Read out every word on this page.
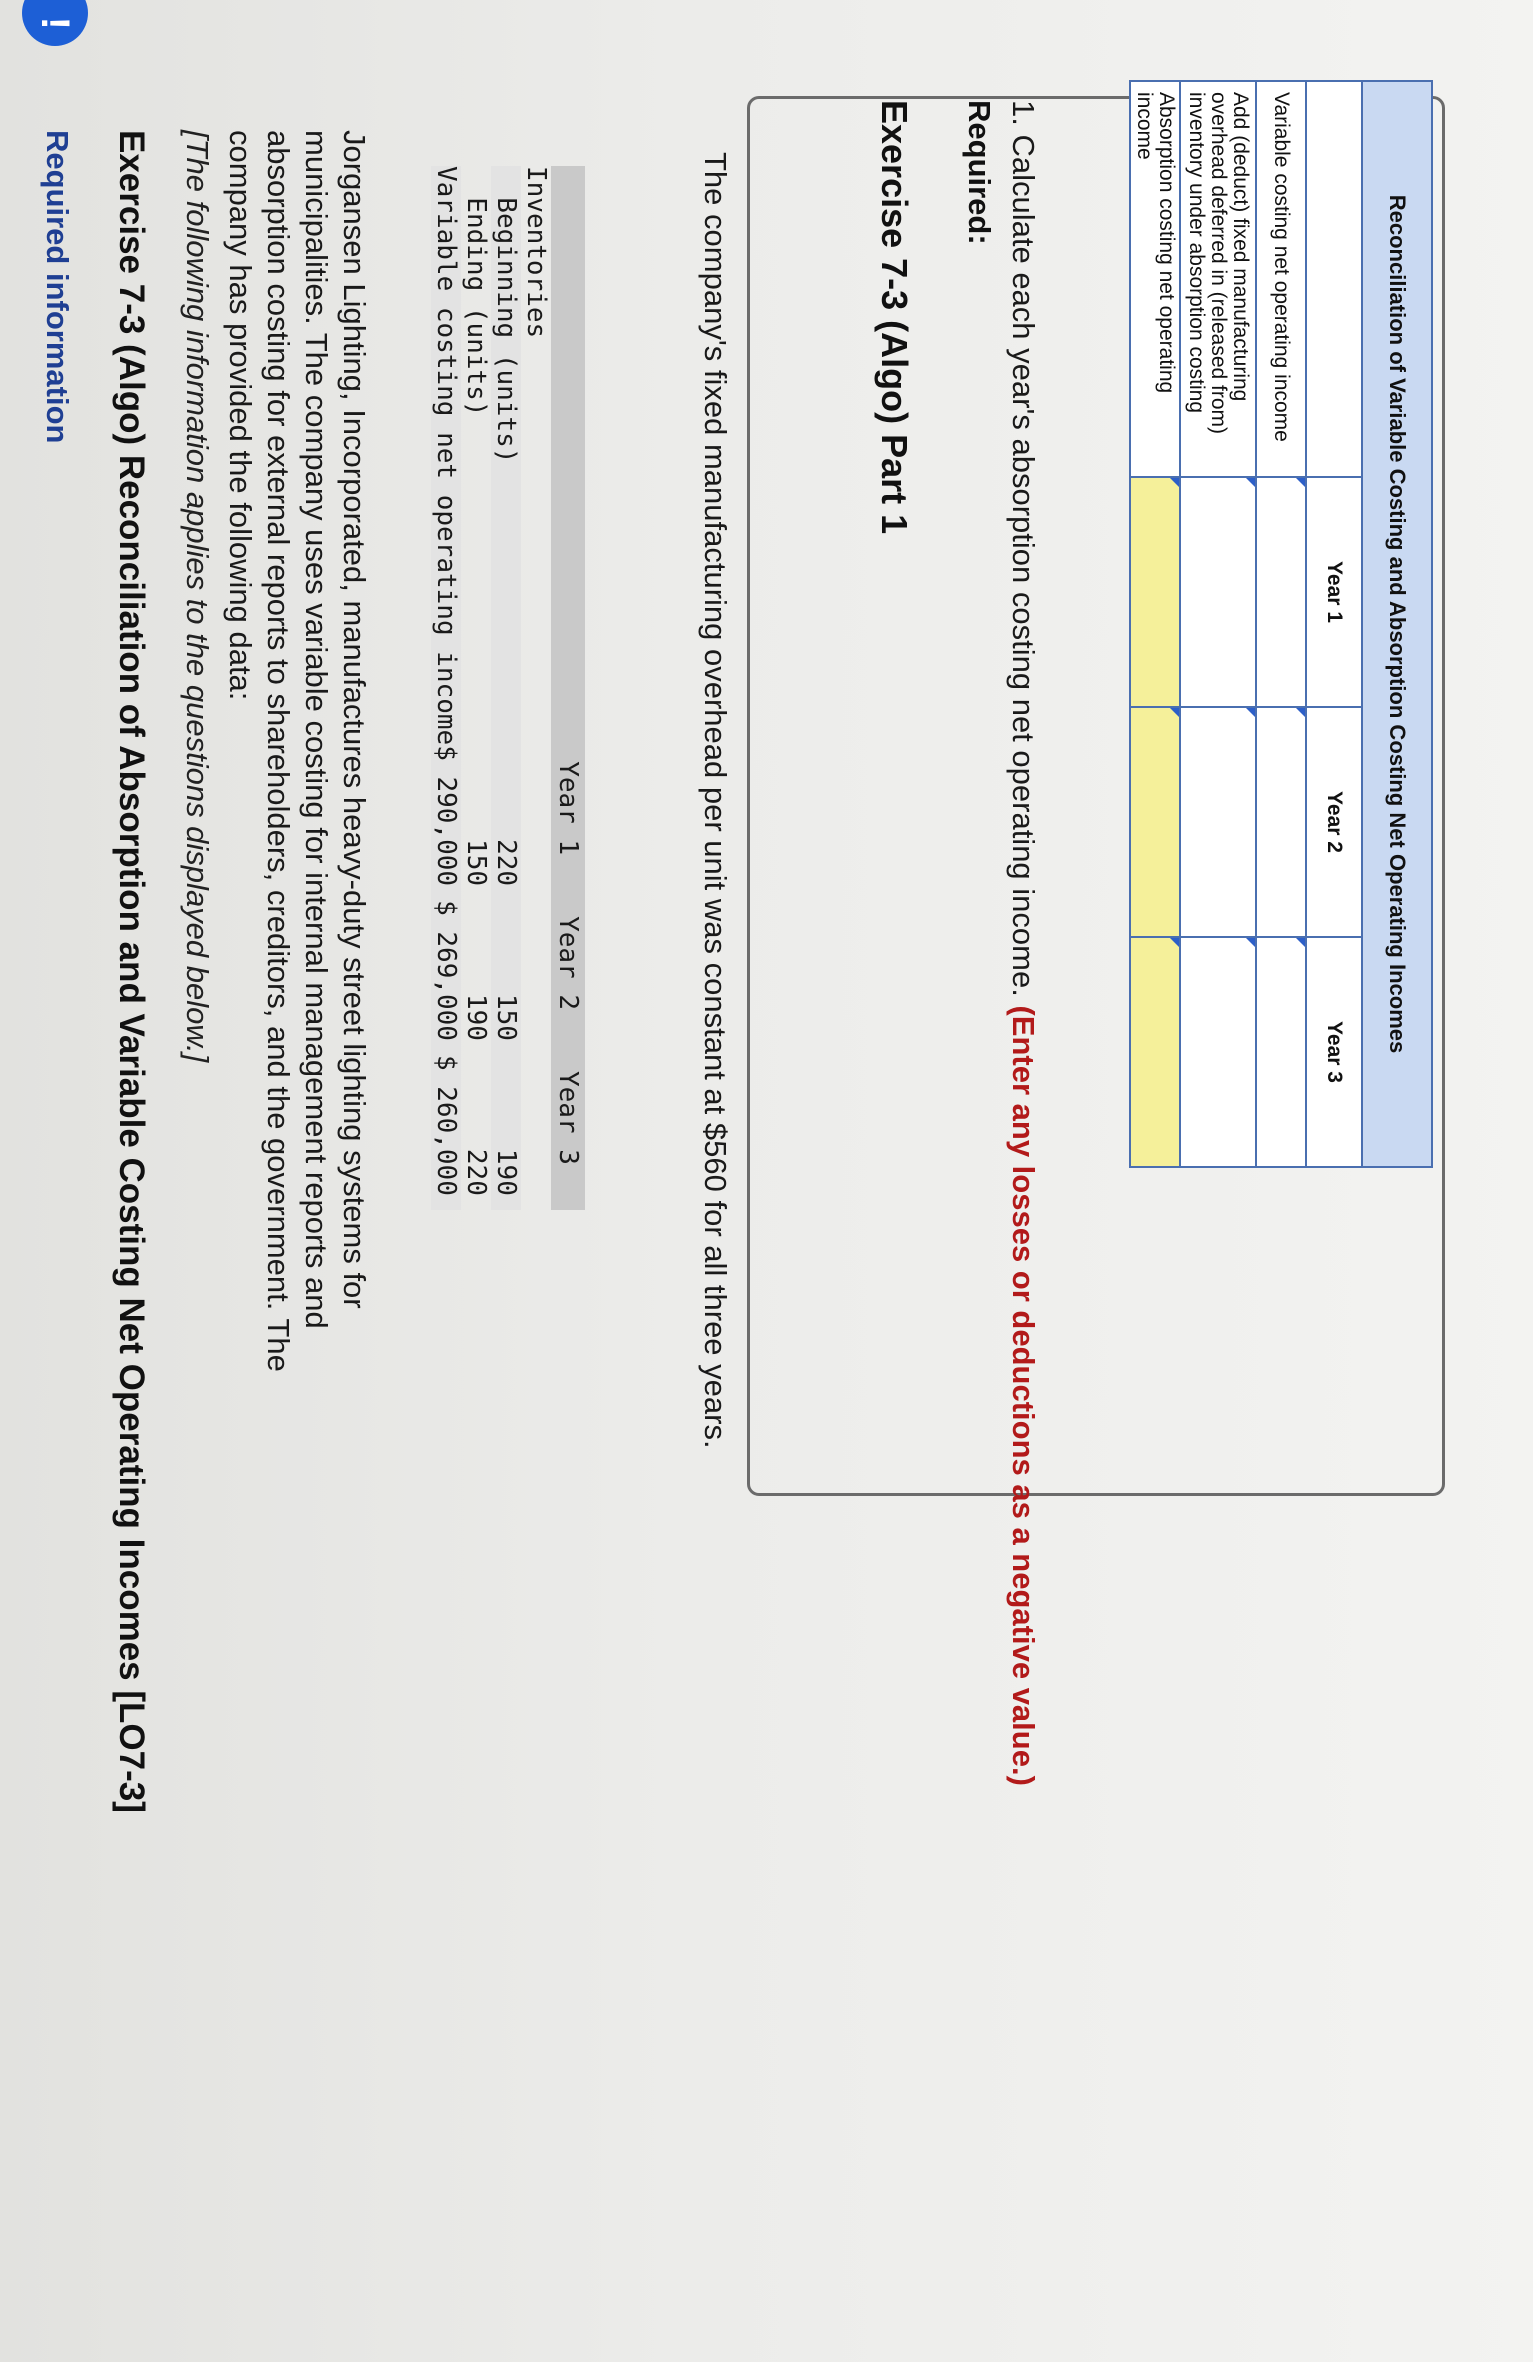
!
Required information Exercise 7-3 (Algo) Reconciliation of Absorption and Variable Costing Net Operating Incomes [LO7-3] [The following information applies to the questions displayed below.]	Jorgansen Lighting, Incorporated, manufactures heavy-duty street lighting systems for municipalities. The company uses variable costing for internal management reports and absorption costing for external reports to shareholders, creditors, and the government. The company has provided the following data:
	Year 1	Year 2	Year 3
Inventories			
Beginning (units)	220	150	190
Ending (units)	150	190	220
Variable costing net operating income	$ 290,000	$ 269,000	$ 260,000	The company's fixed manufacturing overhead per unit was constant at $560 for all three years.	Exercise 7-3 (Algo) Part 1 Required: 1. Calculate each year's absorption costing net operating income. (Enter any losses or deductions as a negative value.)
Reconciliation of Variable Costing and Absorption Costing Net Operating Incomes			
	Year 1	Year 2	Year 3
Variable costing net operating income			
Add (deduct) fixed manufacturing overhead deferred in (released from) inventory under absorption costing			
Absorption costing net operating income			
